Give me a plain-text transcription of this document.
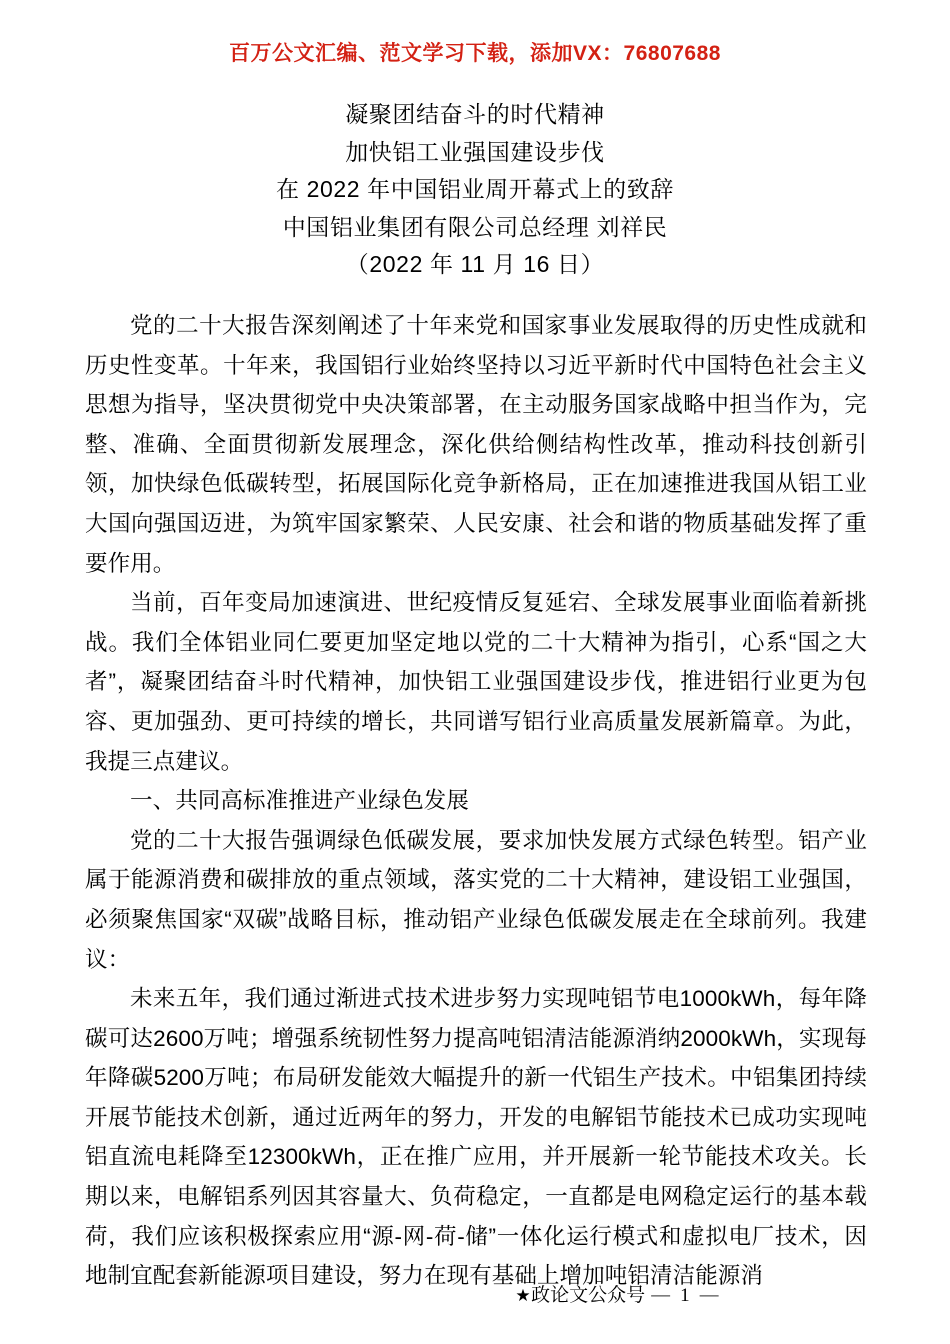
百万公文汇编、范文学习下载，添加VX：76807688
凝聚团结奋斗的时代精神
加快铝工业强国建设步伐
在 2022 年中国铝业周开幕式上的致辞
中国铝业集团有限公司总经理 刘祥民
（2022 年 11 月 16 日）

党的二十大报告深刻阐述了十年来党和国家事业发展取得的历史性成就和历史性变革。十年来，我国铝行业始终坚持以习近平新时代中国特色社会主义思想为指导，坚决贯彻党中央决策部署，在主动服务国家战略中担当作为，完整、准确、全面贯彻新发展理念，深化供给侧结构性改革，推动科技创新引领，加快绿色低碳转型，拓展国际化竞争新格局，正在加速推进我国从铝工业大国向强国迈进，为筑牢国家繁荣、人民安康、社会和谐的物质基础发挥了重要作用。

当前，百年变局加速演进、世纪疫情反复延宕、全球发展事业面临着新挑战。我们全体铝业同仁要更加坚定地以党的二十大精神为指引，心系“国之大者”，凝聚团结奋斗时代精神，加快铝工业强国建设步伐，推进铝行业更为包容、更加强劲、更可持续的增长，共同谱写铝行业高质量发展新篇章。为此，我提三点建议。

一、共同高标准推进产业绿色发展

党的二十大报告强调绿色低碳发展，要求加快发展方式绿色转型。铝产业属于能源消费和碳排放的重点领域，落实党的二十大精神，建设铝工业强国，必须聚焦国家“双碳”战略目标，推动铝产业绿色低碳发展走在全球前列。我建议：

未来五年，我们通过渐进式技术进步努力实现吨铝节电1000kWh，每年降碳可达2600万吨；增强系统韧性努力提高吨铝清洁能源消纳2000kWh，实现每年降碳5200万吨；布局研发能效大幅提升的新一代铝生产技术。中铝集团持续开展节能技术创新，通过近两年的努力，开发的电解铝节能技术已成功实现吨铝直流电耗降至12300kWh，正在推广应用，并开展新一轮节能技术攻关。长期以来，电解铝系列因其容量大、负荷稳定，一直都是电网稳定运行的基本载荷，我们应该积极探索应用“源-网-荷-储”一体化运行模式和虚拟电厂技术，因地制宜配套新能源项目建设，努力在现有基础上增加吨铝清洁能源消

★政论文公众号 — 1 —
